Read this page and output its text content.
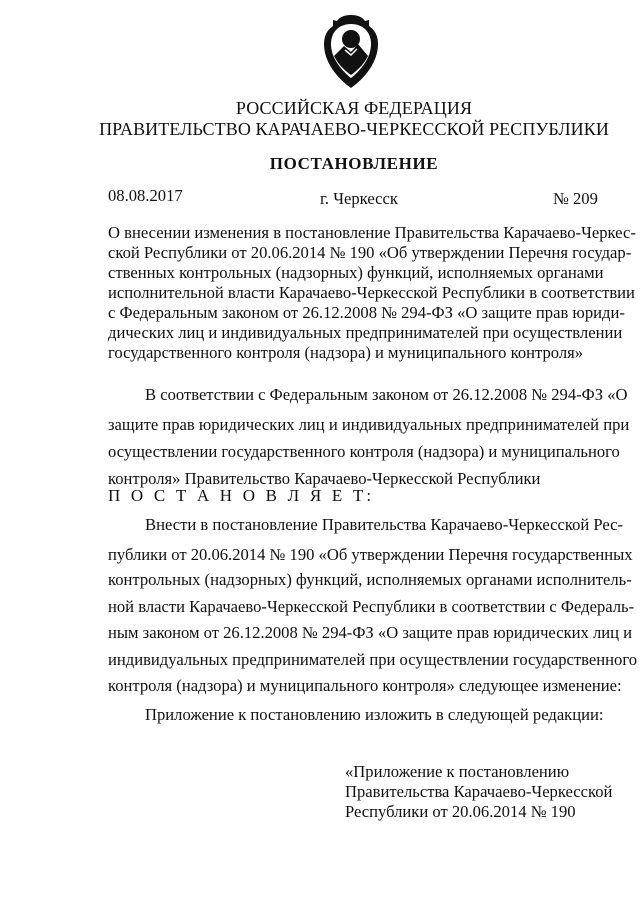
РОССИЙСКАЯ ФЕДЕРАЦИЯ
ПРАВИТЕЛЬСТВО КАРАЧАЕВО-ЧЕРКЕССКОЙ РЕСПУБЛИКИ
ПОСТАНОВЛЕНИЕ
08.08.2017	г. Черкесск	№ 209
О внесении изменения в постановление Правительства Карачаево-Черкес-
ской Республики от 20.06.2014 № 190 «Об утверждении Перечня государ-
ственных контрольных (надзорных) функций, исполняемых органами
исполнительной власти Карачаево-Черкесской Республики в соответствии
с Федеральным законом от 26.12.2008 № 294-ФЗ «О защите прав юриди-
дических лиц и индивидуальных предпринимателей при осуществлении
государственного контроля (надзора) и муниципального контроля»
В соответствии с Федеральным законом от 26.12.2008 № 294-ФЗ «О
защите прав юридических лиц и индивидуальных предпринимателей при
осуществлении государственного контроля (надзора) и муниципального
контроля» Правительство Карачаево-Черкесской Республики
П О С Т А Н О В Л Я Е Т:
Внести в постановление Правительства Карачаево-Черкесской Рес-
публики от 20.06.2014 № 190 «Об утверждении Перечня государственных
контрольных (надзорных) функций, исполняемых органами исполнитель-
ной власти Карачаево-Черкесской Республики в соответствии с Федераль-
ным законом от 26.12.2008 № 294-ФЗ «О защите прав юридических лиц и
индивидуальных предпринимателей при осуществлении государственного
контроля (надзора) и муниципального контроля» следующее изменение:
Приложение к постановлению изложить в следующей редакции:
«Приложение к постановлению
Правительства Карачаево-Черкесской
Республики от 20.06.2014 № 190
